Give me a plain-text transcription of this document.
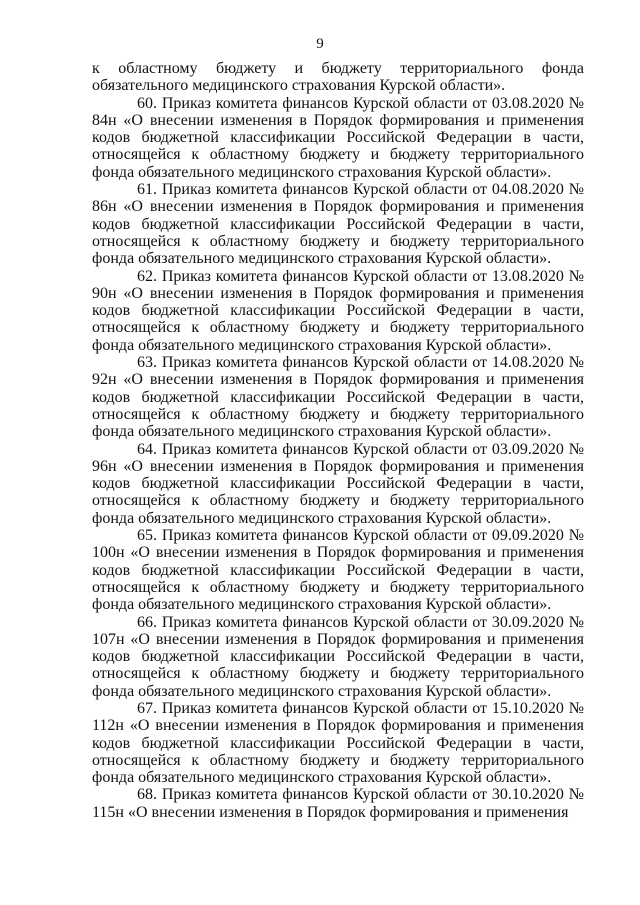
9

к областному бюджету и бюджету территориального фонда обязательного медицинского страхования Курской области».

60. Приказ комитета финансов Курской области от 03.08.2020 № 84н «О внесении изменения в Порядок формирования и применения кодов бюджетной классификации Российской Федерации в части, относящейся к областному бюджету и бюджету территориального фонда обязательного медицинского страхования Курской области».

61. Приказ комитета финансов Курской области от 04.08.2020 № 86н «О внесении изменения в Порядок формирования и применения кодов бюджетной классификации Российской Федерации в части, относящейся к областному бюджету и бюджету территориального фонда обязательного медицинского страхования Курской области».

62. Приказ комитета финансов Курской области от 13.08.2020 № 90н «О внесении изменения в Порядок формирования и применения кодов бюджетной классификации Российской Федерации в части, относящейся к областному бюджету и бюджету территориального фонда обязательного медицинского страхования Курской области».

63. Приказ комитета финансов Курской области от 14.08.2020 № 92н «О внесении изменения в Порядок формирования и применения кодов бюджетной классификации Российской Федерации в части, относящейся к областному бюджету и бюджету территориального фонда обязательного медицинского страхования Курской области».

64. Приказ комитета финансов Курской области от 03.09.2020 № 96н «О внесении изменения в Порядок формирования и применения кодов бюджетной классификации Российской Федерации в части, относящейся к областному бюджету и бюджету территориального фонда обязательного медицинского страхования Курской области».

65. Приказ комитета финансов Курской области от 09.09.2020 № 100н «О внесении изменения в Порядок формирования и применения кодов бюджетной классификации Российской Федерации в части, относящейся к областному бюджету и бюджету территориального фонда обязательного медицинского страхования Курской области».

66. Приказ комитета финансов Курской области от 30.09.2020 № 107н «О внесении изменения в Порядок формирования и применения кодов бюджетной классификации Российской Федерации в части, относящейся к областному бюджету и бюджету территориального фонда обязательного медицинского страхования Курской области».

67. Приказ комитета финансов Курской области от 15.10.2020 № 112н «О внесении изменения в Порядок формирования и применения кодов бюджетной классификации Российской Федерации в части, относящейся к областному бюджету и бюджету территориального фонда обязательного медицинского страхования Курской области».

68. Приказ комитета финансов Курской области от 30.10.2020 № 115н «О внесении изменения в Порядок формирования и применения
